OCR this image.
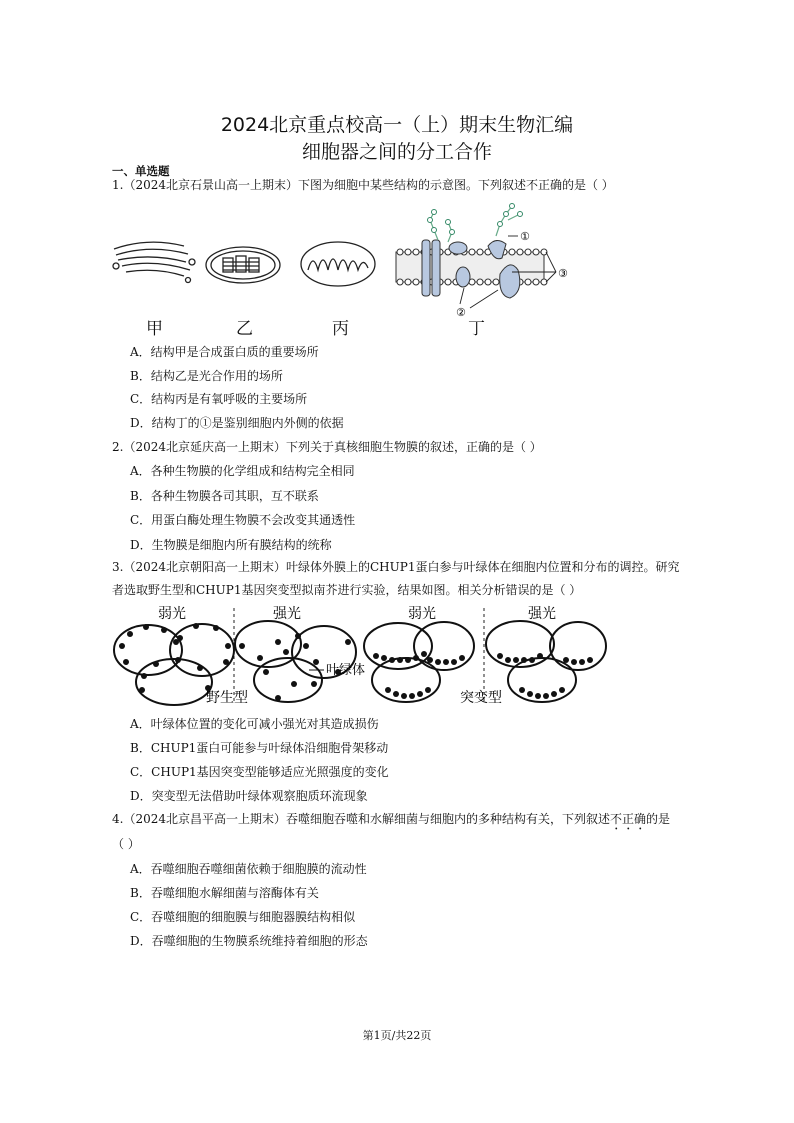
2024北京重点校高一（上）期末生物汇编
细胞器之间的分工合作
一、单选题
1.（2024北京石景山高一上期末）下图为细胞中某些结构的示意图。下列叙述不正确的是（ ）
①
③
②
甲	乙	丙	丁
A．结构甲是合成蛋白质的重要场所
B．结构乙是光合作用的场所
C．结构丙是有氧呼吸的主要场所
D．结构丁的①是鉴别细胞内外侧的依据
2.（2024北京延庆高一上期末）下列关于真核细胞生物膜的叙述，正确的是（ ）
A．各种生物膜的化学组成和结构完全相同
B．各种生物膜各司其职，互不联系
C．用蛋白酶处理生物膜不会改变其通透性
D．生物膜是细胞内所有膜结构的统称
3.（2024北京朝阳高一上期末）叶绿体外膜上的CHUP1蛋白参与叶绿体在细胞内位置和分布的调控。研究者选取野生型和CHUP1基因突变型拟南芥进行实验，结果如图。相关分析错误的是（ ）
弱光	强光	弱光	强光
叶绿体
野生型	突变型
A．叶绿体位置的变化可减小强光对其造成损伤
B．CHUP1蛋白可能参与叶绿体沿细胞骨架移动
C．CHUP1基因突变型能够适应光照强度的变化
D．突变型无法借助叶绿体观察胞质环流现象
4.（2024北京昌平高一上期末）吞噬细胞吞噬和水解细菌与细胞内的多种结构有关，下列叙述不正确的是
（ ）
A．吞噬细胞吞噬细菌依赖于细胞膜的流动性
B．吞噬细胞水解细菌与溶酶体有关
C．吞噬细胞的细胞膜与细胞器膜结构相似
D．吞噬细胞的生物膜系统维持着细胞的形态
第1页/共22页
